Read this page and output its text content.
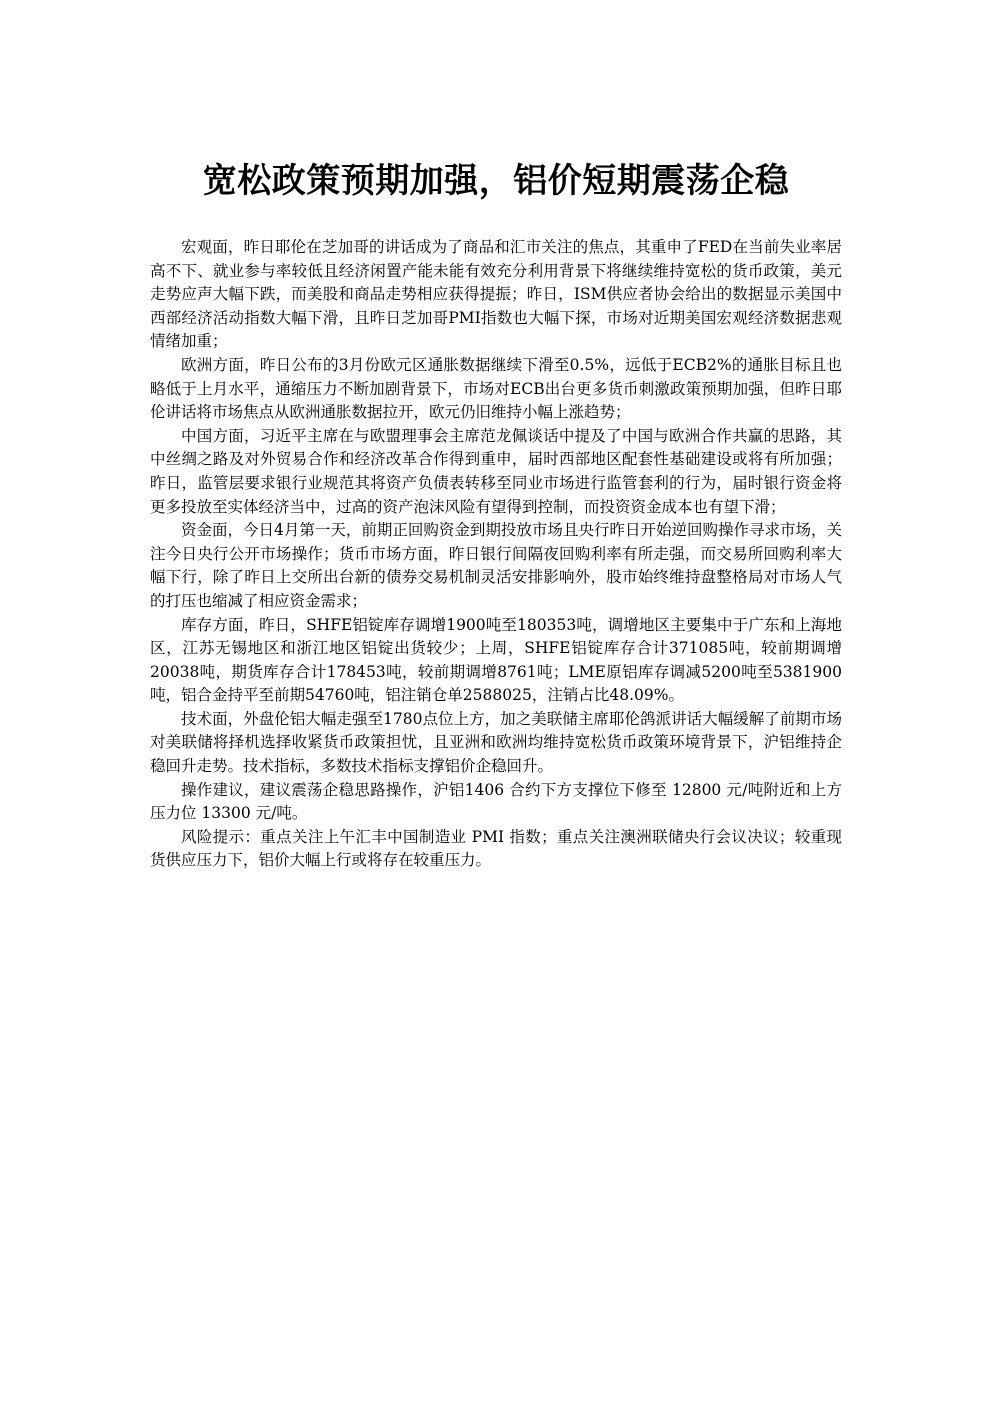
宽松政策预期加强，铝价短期震荡企稳

宏观面，昨日耶伦在芝加哥的讲话成为了商品和汇市关注的焦点，其重申了FED在当前失业率居高不下、就业参与率较低且经济闲置产能未能有效充分利用背景下将继续维持宽松的货币政策，美元走势应声大幅下跌，而美股和商品走势相应获得提振；昨日，ISM供应者协会给出的数据显示美国中西部经济活动指数大幅下滑，且昨日芝加哥PMI指数也大幅下探，市场对近期美国宏观经济数据悲观情绪加重；

欧洲方面，昨日公布的3月份欧元区通胀数据继续下滑至0.5%，远低于ECB2%的通胀目标且也略低于上月水平，通缩压力不断加剧背景下，市场对ECB出台更多货币刺激政策预期加强，但昨日耶伦讲话将市场焦点从欧洲通胀数据拉开，欧元仍旧维持小幅上涨趋势；

中国方面，习近平主席在与欧盟理事会主席范龙佩谈话中提及了中国与欧洲合作共赢的思路，其中丝绸之路及对外贸易合作和经济改革合作得到重申，届时西部地区配套性基础建设或将有所加强；昨日，监管层要求银行业规范其将资产负债表转移至同业市场进行监管套利的行为，届时银行资金将更多投放至实体经济当中，过高的资产泡沫风险有望得到控制，而投资资金成本也有望下滑；

资金面，今日4月第一天，前期正回购资金到期投放市场且央行昨日开始逆回购操作寻求市场，关注今日央行公开市场操作；货币市场方面，昨日银行间隔夜回购利率有所走强，而交易所回购利率大幅下行，除了昨日上交所出台新的债券交易机制灵活安排影响外，股市始终维持盘整格局对市场人气的打压也缩减了相应资金需求；

库存方面，昨日，SHFE铝锭库存调增1900吨至180353吨，调增地区主要集中于广东和上海地区，江苏无锡地区和浙江地区铝锭出货较少；上周，SHFE铝锭库存合计371085吨，较前期调增20038吨，期货库存合计178453吨，较前期调增8761吨；LME原铝库存调减5200吨至5381900吨，铝合金持平至前期54760吨，铝注销仓单2588025，注销占比48.09%。

技术面，外盘伦铝大幅走强至1780点位上方，加之美联储主席耶伦鸽派讲话大幅缓解了前期市场对美联储将择机选择收紧货币政策担忧，且亚洲和欧洲均维持宽松货币政策环境背景下，沪铝维持企稳回升走势。技术指标，多数技术指标支撑铝价企稳回升。

操作建议，建议震荡企稳思路操作，沪铝1406 合约下方支撑位下修至 12800 元/吨附近和上方压力位 13300 元/吨。

风险提示：重点关注上午汇丰中国制造业 PMI 指数；重点关注澳洲联储央行会议决议；较重现货供应压力下，铝价大幅上行或将存在较重压力。
